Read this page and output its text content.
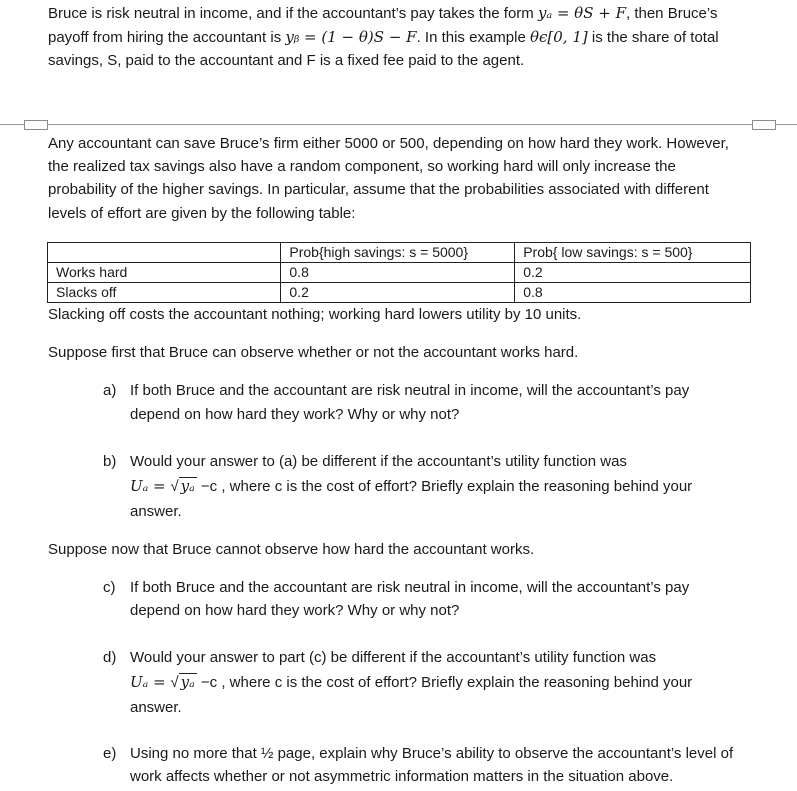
Bruce is risk neutral in income, and if the accountant’s pay takes the form yₐ = θS + F, then Bruce’s
payoff from hiring the accountant is yᵦ = (1 − θ)S − F. In this example θϵ[0, 1] is the share of total
savings, S, paid to the accountant and F is a fixed fee paid to the agent.
Any accountant can save Bruce’s firm either 5000 or 500, depending on how hard they work. However,
the realized tax savings also have a random component, so working hard will only increase the
probability of the higher savings. In particular, assume that the probabilities associated with different
levels of effort are given by the following table:
	Prob{high savings: s = 5000}	Prob{ low savings: s = 500}
Works hard	0.8	0.2
Slacks off	0.2	0.8
Slacking off costs the accountant nothing; working hard lowers utility by 10 units.
Suppose first that Bruce can observe whether or not the accountant works hard.
a) If both Bruce and the accountant are risk neutral in income, will the accountant’s pay
depend on how hard they work? Why or why not?
b) Would your answer to (a) be different if the accountant’s utility function was
Uₐ = √ yₐ −c , where c is the cost of effort? Briefly explain the reasoning behind your
answer.
Suppose now that Bruce cannot observe how hard the accountant works.
c) If both Bruce and the accountant are risk neutral in income, will the accountant’s pay
depend on how hard they work? Why or why not?
d) Would your answer to part (c) be different if the accountant’s utility function was
Uₐ = √ yₐ −c , where c is the cost of effort? Briefly explain the reasoning behind your
answer.
e) Using no more that ½ page, explain why Bruce’s ability to observe the accountant’s level of
work affects whether or not asymmetric information matters in the situation above.
